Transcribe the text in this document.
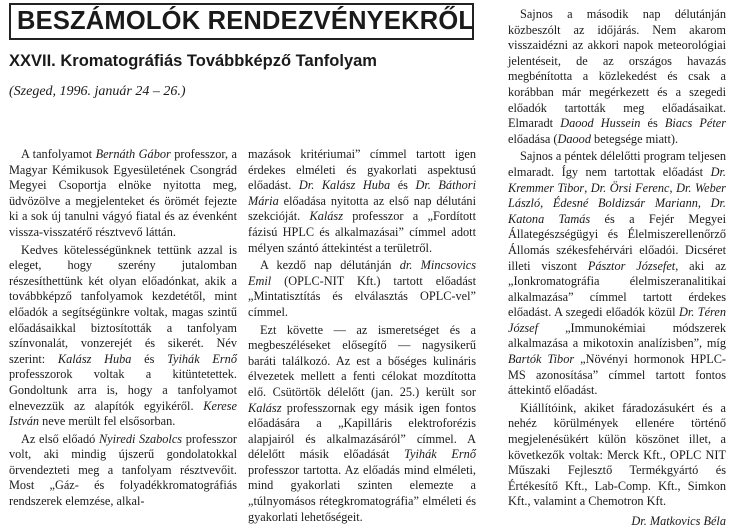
BESZÁMOLÓK RENDEZVÉNYEKRŐL
XXVII. Kromatográfiás Továbbképző Tanfolyam
(Szeged, 1996. január 24 – 26.)

A tanfolyamot Bernáth Gábor professzor, a Magyar Kémikusok Egyesületének Csongrád Megyei Csoportja elnöke nyitotta meg, üdvözölve a megjelenteket és örömét fejezte ki a sok új tanulni vágyó fiatal és az évenként vissza-visszatérő résztvevő láttán.

Kedves kötelességünknek tettünk azzal is eleget, hogy szerény jutalomban részesíthettünk két olyan előadónkat, akik a továbbképző tanfolyamok kezdetétől, mint előadók a segítségünkre voltak, magas szintű előadásaikkal biztosították a tanfolyam színvonalát, vonzerejét és sikerét. Név szerint: Kalász Huba és Tyihák Ernő professzorok voltak a kitüntetettek. Gondoltunk arra is, hogy a tanfolyamot elnevezzük az alapítók egyikéről. Kerese István neve merült fel elsősorban.

Az első előadó Nyiredi Szabolcs professzor volt, aki mindig újszerű gondolatokkal örvendezteti meg a tanfolyam résztvevőit. Most „Gáz- és folyadékkromatográfiás rendszerek elemzése, alkal-

mazások kritériumai” címmel tartott igen érdekes elméleti és gyakorlati aspektusú előadást. Dr. Kalász Huba és Dr. Báthori Mária előadása nyitotta az első nap délutáni szekcióját. Kalász professzor a „Fordított fázisú HPLC és alkalmazásai” címmel adott mélyen szántó áttekintést a területről.

A kezdő nap délutánján dr. Mincsovics Emil (OPLC-NIT Kft.) tartott előadást „Mintatisztítás és elválasztás OPLC-vel” címmel.

Ezt követte — az ismeretséget és a megbeszéléseket elősegítő — nagysikerű baráti találkozó. Az est a bőséges kulináris élvezetek mellett a fenti célokat mozdította elő. Csütörtök délelőtt (jan. 25.) került sor Kalász professzornak egy másik igen fontos előadására a „Kapilláris elektroforézis alapjairól és alkalmazásáról” címmel. A délelőtt másik előadását Tyihák Ernő professzor tartotta. Az előadás mind elméleti, mind gyakorlati szinten elemezte a „túlnyomásos rétegkromatográfia” elméleti és gyakorlati lehetőségeit.

Sajnos a második nap délutánján közbeszólt az időjárás. Nem akarom visszaidézni az akkori napok meteorológiai jelentéseit, de az országos havazás megbénította a közlekedést és csak a korábban már megérkezett és a szegedi előadók tartották meg előadásaikat. Elmaradt Daood Hussein és Biacs Péter előadása (Daood betegsége miatt).

Sajnos a péntek délelőtti program teljesen elmaradt. Így nem tartottak előadást Dr. Kremmer Tibor, Dr. Örsi Ferenc, Dr. Weber László, Édesné Boldizsár Mariann, Dr. Katona Tamás és a Fejér Megyei Állategészségügyi és Élelmiszerellenőrző Állomás székesfehérvári előadói. Dicséret illeti viszont Pásztor Józsefet, aki az „Ionkromatográfia élelmiszeranalitikai alkalmazása” címmel tartott érdekes előadást. A szegedi előadók közül Dr. Téren József „Immunokémiai módszerek alkalmazása a mikotoxin analízisben”, míg Bartók Tibor „Növényi hormonok HPLC-MS azonosítása” címmel tartott fontos áttekintő előadást.

Kiállítóink, akiket fáradozásukért és a nehéz körülmények ellenére történő megjelenésükért külön köszönet illet, a következők voltak: Merck Kft., OPLC NIT Műszaki Fejlesztő Termékgyártó és Értékesítő Kft., Lab-Comp. Kft., Simkon Kft., valamint a Chemotron Kft.

Dr. Matkovics Béla
